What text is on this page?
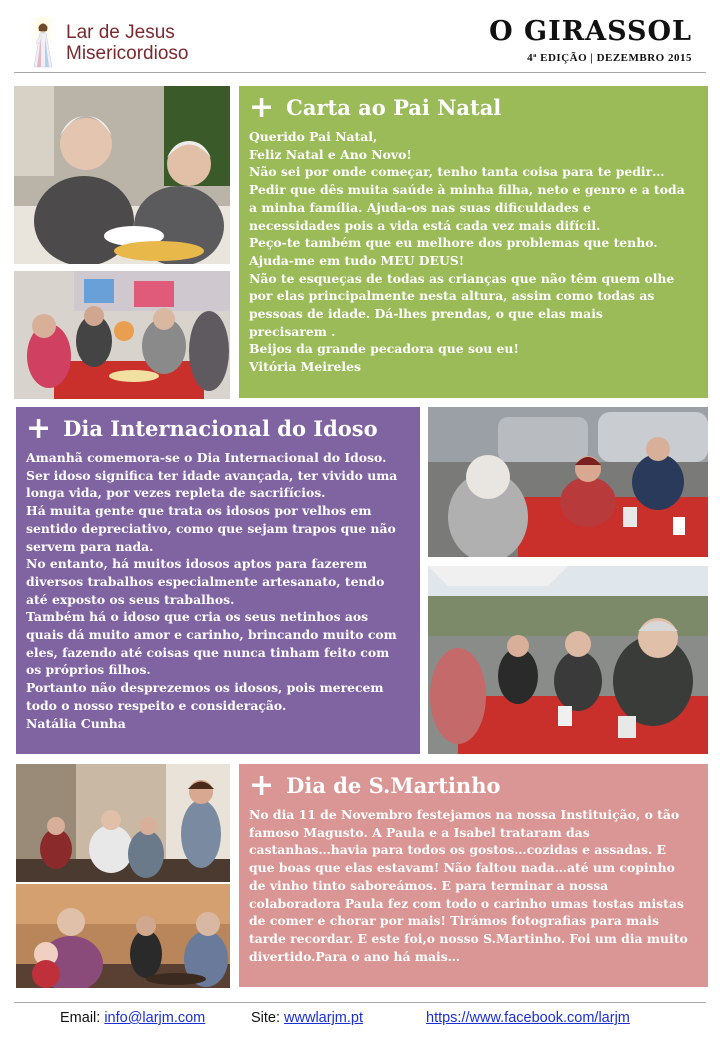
Lar de Jesus
Misericordioso
O GIRASSOL
4ª EDIÇÃO | DEZEMBRO 2015
+ Carta ao Pai Natal

Querido Pai Natal,

Feliz Natal e Ano Novo!

Não sei por onde começar, tenho tanta coisa para te pedir…

Pedir que dês muita saúde à minha filha, neto e genro e a toda

a minha família. Ajuda-os nas suas dificuldades e

necessidades pois a vida está cada vez mais difícil.

Peço-te também que eu melhore dos problemas que tenho.

Ajuda-me em tudo MEU DEUS!

Não te esqueças de todas as crianças que não têm quem olhe

por elas principalmente nesta altura, assim como todas as

pessoas de idade. Dá-lhes prendas, o que elas mais

precisarem .

Beijos da grande pecadora que sou eu!

Vitória Meireles

+ Dia Internacional do Idoso

Amanhã comemora-se o Dia Internacional do Idoso.

Ser idoso significa ter idade avançada, ter vivido uma

longa vida, por vezes repleta de sacrifícios.

Há muita gente que trata os idosos por velhos em

sentido depreciativo, como que sejam trapos que não

servem para nada.

No entanto, há muitos idosos aptos para fazerem

diversos trabalhos especialmente artesanato, tendo

até exposto os seus trabalhos.

Também há o idoso que cria os seus netinhos aos

quais dá muito amor e carinho, brincando muito com

eles, fazendo até coisas que nunca tinham feito com

os próprios filhos.

Portanto não desprezemos os idosos, pois merecem

todo o nosso respeito e consideração.

Natália Cunha

+ Dia de S.Martinho

No dia 11 de Novembro festejamos na nossa Instituição, o tão

famoso Magusto. A Paula e a Isabel trataram das

castanhas…havia para todos os gostos…cozidas e assadas. E

que boas que elas estavam! Não faltou nada…até um copinho

de vinho tinto saboreámos. E para terminar a nossa

colaboradora Paula fez com todo o carinho umas tostas mistas

de comer e chorar por mais! Tirámos fotografias para mais

tarde recordar. E este foi,o nosso S.Martinho. Foi um dia muito

divertido.Para o ano há mais…

Email: info@larjm.com	Site: wwwlarjm.pt	https://www.facebook.com/larjm
